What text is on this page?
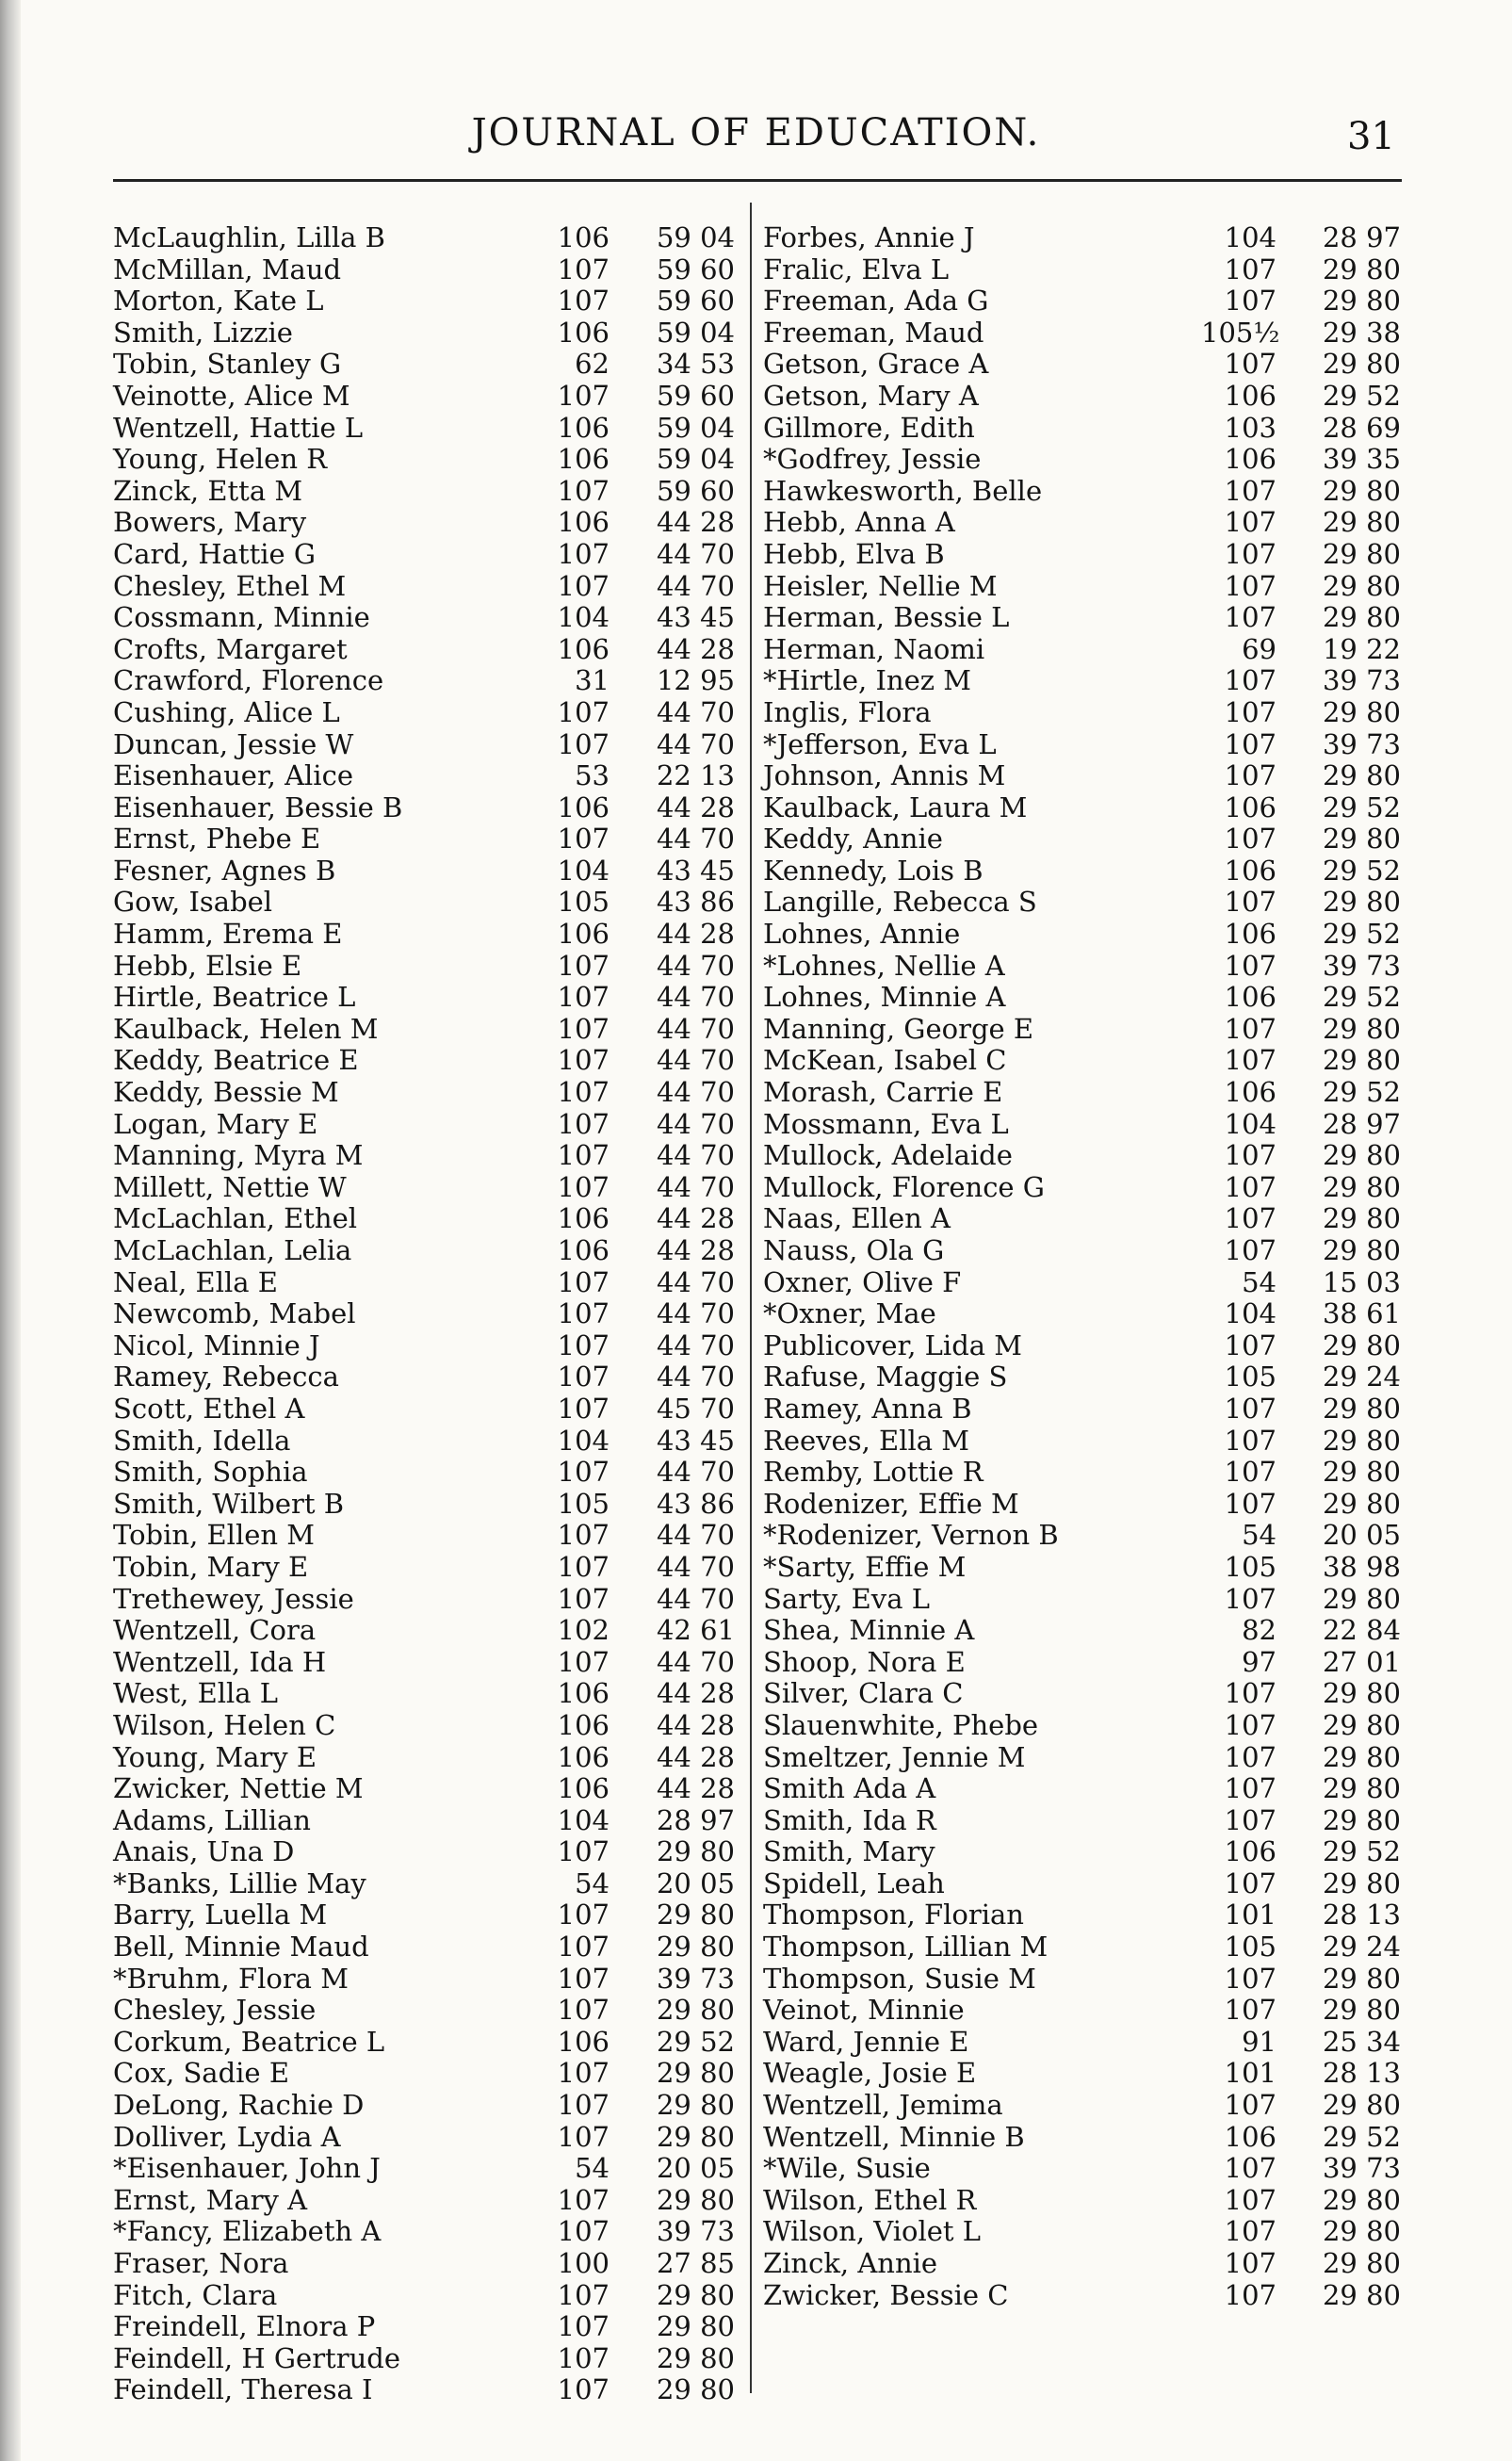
JOURNAL OF EDUCATION.	31
McLaughlin, Lilla B	106	59 04
McMillan, Maud	107	59 60
Morton, Kate L	107	59 60
Smith, Lizzie	106	59 04
Tobin, Stanley G	62	34 53
Veinotte, Alice M	107	59 60
Wentzell, Hattie L	106	59 04
Young, Helen R	106	59 04
Zinck, Etta M	107	59 60
Bowers, Mary	106	44 28
Card, Hattie G	107	44 70
Chesley, Ethel M	107	44 70
Cossmann, Minnie	104	43 45
Crofts, Margaret	106	44 28
Crawford, Florence	31	12 95
Cushing, Alice L	107	44 70
Duncan, Jessie W	107	44 70
Eisenhauer, Alice	53	22 13
Eisenhauer, Bessie B	106	44 28
Ernst, Phebe E	107	44 70
Fesner, Agnes B	104	43 45
Gow, Isabel	105	43 86
Hamm, Erema E	106	44 28
Hebb, Elsie E	107	44 70
Hirtle, Beatrice L	107	44 70
Kaulback, Helen M	107	44 70
Keddy, Beatrice E	107	44 70
Keddy, Bessie M	107	44 70
Logan, Mary E	107	44 70
Manning, Myra M	107	44 70
Millett, Nettie W	107	44 70
McLachlan, Ethel	106	44 28
McLachlan, Lelia	106	44 28
Neal, Ella E	107	44 70
Newcomb, Mabel	107	44 70
Nicol, Minnie J	107	44 70
Ramey, Rebecca	107	44 70
Scott, Ethel A	107	45 70
Smith, Idella	104	43 45
Smith, Sophia	107	44 70
Smith, Wilbert B	105	43 86
Tobin, Ellen M	107	44 70
Tobin, Mary E	107	44 70
Trethewey, Jessie	107	44 70
Wentzell, Cora	102	42 61
Wentzell, Ida H	107	44 70
West, Ella L	106	44 28
Wilson, Helen C	106	44 28
Young, Mary E	106	44 28
Zwicker, Nettie M	106	44 28
Adams, Lillian	104	28 97
Anais, Una D	107	29 80
*Banks, Lillie May	54	20 05
Barry, Luella M	107	29 80
Bell, Minnie Maud	107	29 80
*Bruhm, Flora M	107	39 73
Chesley, Jessie	107	29 80
Corkum, Beatrice L	106	29 52
Cox, Sadie E	107	29 80
DeLong, Rachie D	107	29 80
Dolliver, Lydia A	107	29 80
*Eisenhauer, John J	54	20 05
Ernst, Mary A	107	29 80
*Fancy, Elizabeth A	107	39 73
Fraser, Nora	100	27 85
Fitch, Clara	107	29 80
Freindell, Elnora P	107	29 80
Feindell, H Gertrude	107	29 80
Feindell, Theresa I	107	29 80
Forbes, Annie J	104	28 97
Fralic, Elva L	107	29 80
Freeman, Ada G	107	29 80
Freeman, Maud	105½	29 38
Getson, Grace A	107	29 80
Getson, Mary A	106	29 52
Gillmore, Edith	103	28 69
*Godfrey, Jessie	106	39 35
Hawkesworth, Belle	107	29 80
Hebb, Anna A	107	29 80
Hebb, Elva B	107	29 80
Heisler, Nellie M	107	29 80
Herman, Bessie L	107	29 80
Herman, Naomi	69	19 22
*Hirtle, Inez M	107	39 73
Inglis, Flora	107	29 80
*Jefferson, Eva L	107	39 73
Johnson, Annis M	107	29 80
Kaulback, Laura M	106	29 52
Keddy, Annie	107	29 80
Kennedy, Lois B	106	29 52
Langille, Rebecca S	107	29 80
Lohnes, Annie	106	29 52
*Lohnes, Nellie A	107	39 73
Lohnes, Minnie A	106	29 52
Manning, George E	107	29 80
McKean, Isabel C	107	29 80
Morash, Carrie E	106	29 52
Mossmann, Eva L	104	28 97
Mullock, Adelaide	107	29 80
Mullock, Florence G	107	29 80
Naas, Ellen A	107	29 80
Nauss, Ola G	107	29 80
Oxner, Olive F	54	15 03
*Oxner, Mae	104	38 61
Publicover, Lida M	107	29 80
Rafuse, Maggie S	105	29 24
Ramey, Anna B	107	29 80
Reeves, Ella M	107	29 80
Remby, Lottie R	107	29 80
Rodenizer, Effie M	107	29 80
*Rodenizer, Vernon B	54	20 05
*Sarty, Effie M	105	38 98
Sarty, Eva L	107	29 80
Shea, Minnie A	82	22 84
Shoop, Nora E	97	27 01
Silver, Clara C	107	29 80
Slauenwhite, Phebe	107	29 80
Smeltzer, Jennie M	107	29 80
Smith Ada A	107	29 80
Smith, Ida R	107	29 80
Smith, Mary	106	29 52
Spidell, Leah	107	29 80
Thompson, Florian	101	28 13
Thompson, Lillian M	105	29 24
Thompson, Susie M	107	29 80
Veinot, Minnie	107	29 80
Ward, Jennie E	91	25 34
Weagle, Josie E	101	28 13
Wentzell, Jemima	107	29 80
Wentzell, Minnie B	106	29 52
*Wile, Susie	107	39 73
Wilson, Ethel R	107	29 80
Wilson, Violet L	107	29 80
Zinck, Annie	107	29 80
Zwicker, Bessie C	107	29 80
